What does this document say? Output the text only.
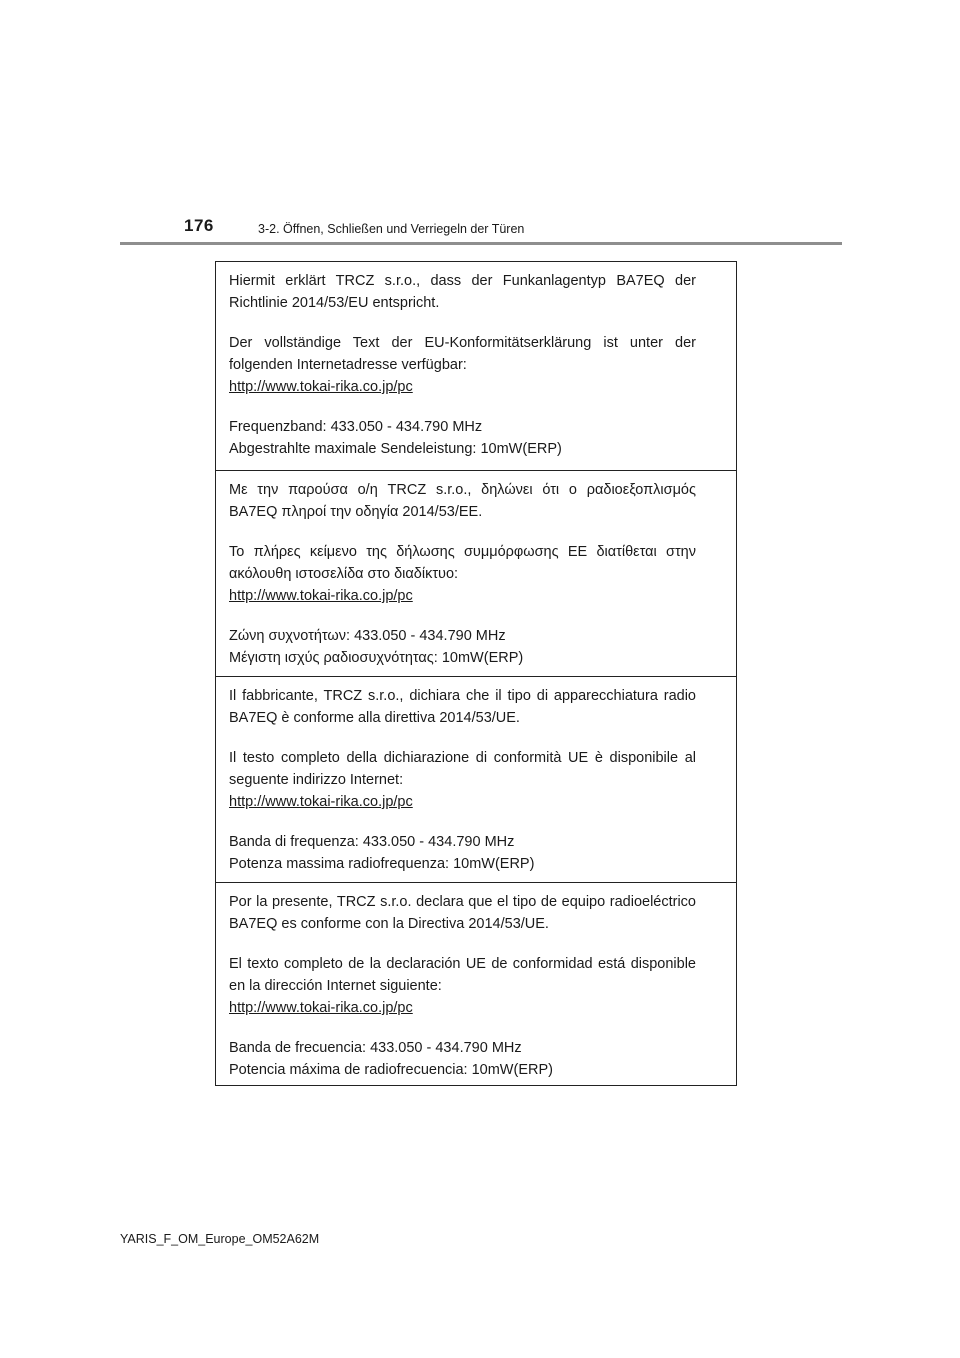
176	3-2. Öffnen, Schließen und Verriegeln der Türen

Hiermit erklärt TRCZ s.r.o., dass der Funkanlagentyp BA7EQ der Richtlinie 2014/53/EU entspricht.

Der vollständige Text der EU-Konformitätserklärung ist unter der folgenden Internetadresse verfügbar:

http://www.tokai-rika.co.jp/pc

Frequenzband: 433.050 - 434.790 MHz

Abgestrahlte maximale Sendeleistung: 10mW(ERP)

Με την παρούσα ο/η TRCZ s.r.o., δηλώνει ότι ο ραδιοεξοπλισμός BA7EQ πληροί την οδηγία 2014/53/ΕΕ.

Το πλήρες κείμενο της δήλωσης συμμόρφωσης ΕΕ διατίθεται στην ακόλουθη ιστοσελίδα στο διαδίκτυο:

http://www.tokai-rika.co.jp/pc

Ζώνη συχνοτήτων: 433.050 - 434.790 MHz

Μέγιστη ισχύς ραδιοσυχνότητας: 10mW(ERP)

Il fabbricante, TRCZ s.r.o., dichiara che il tipo di apparecchiatura radio BA7EQ è conforme alla direttiva 2014/53/UE.

Il testo completo della dichiarazione di conformità UE è disponibile al seguente indirizzo Internet:

http://www.tokai-rika.co.jp/pc

Banda di frequenza: 433.050 - 434.790 MHz

Potenza massima radiofrequenza: 10mW(ERP)

Por la presente, TRCZ s.r.o. declara que el tipo de equipo radioeléctrico BA7EQ es conforme con la Directiva 2014/53/UE.

El texto completo de la declaración UE de conformidad está disponible en la dirección Internet siguiente:

http://www.tokai-rika.co.jp/pc

Banda de frecuencia: 433.050 - 434.790 MHz

Potencia máxima de radiofrecuencia: 10mW(ERP)

YARIS_F_OM_Europe_OM52A62M
